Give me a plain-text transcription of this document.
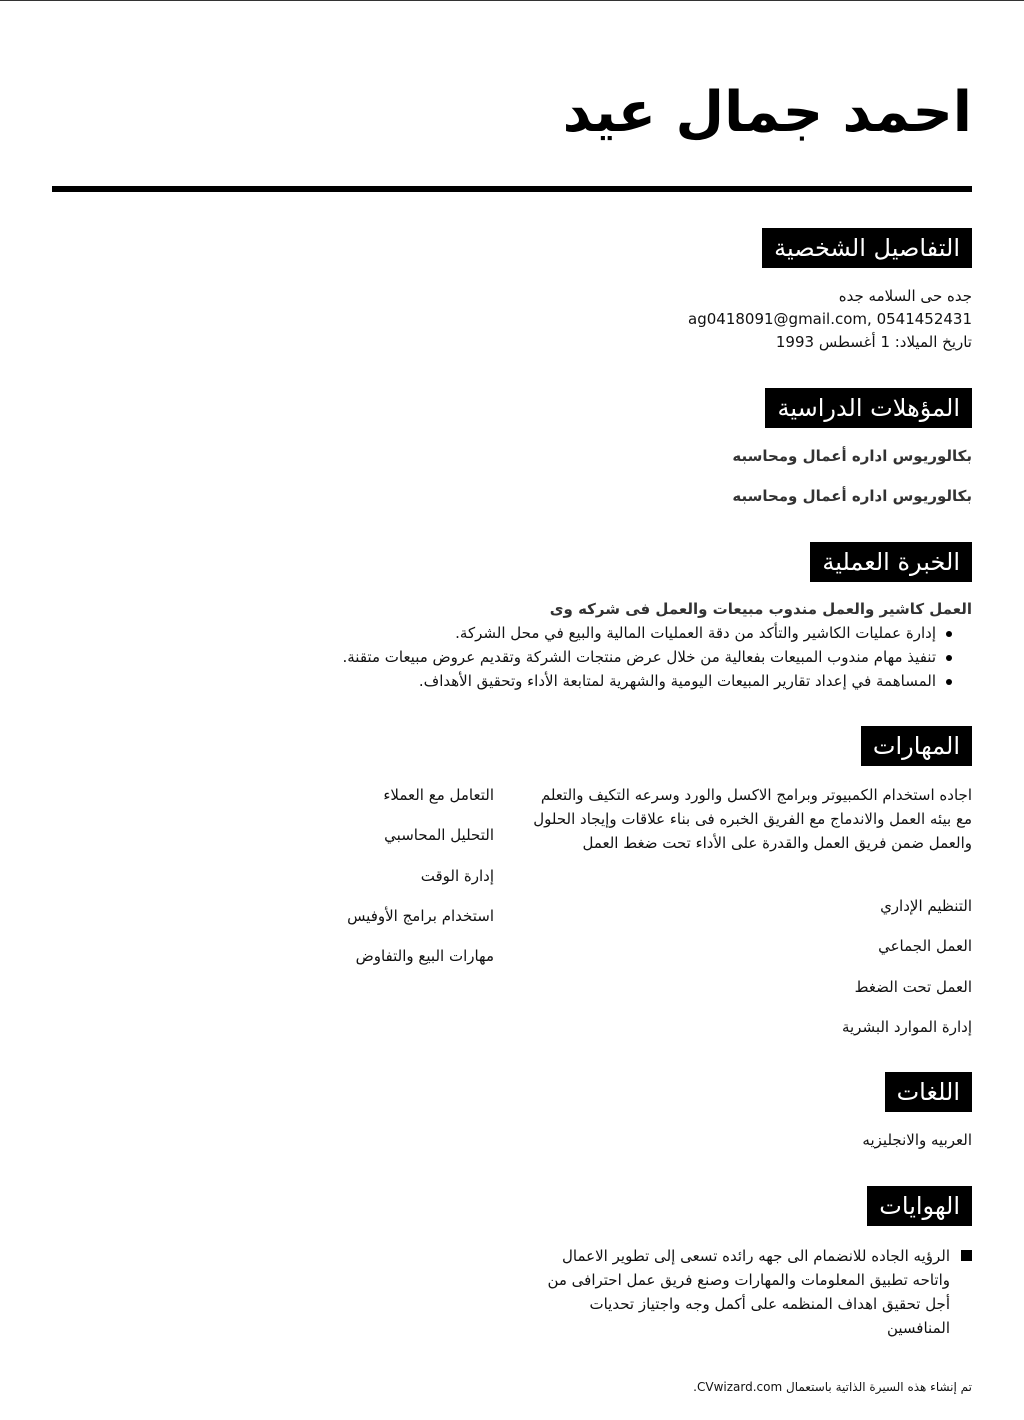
احمد جمال عيد
التفاصيل الشخصية
جده حى السلامه جده
0541452431 ,ag0418091@gmail.com
تاريخ الميلاد: 1 أغسطس 1993
المؤهلات الدراسية
بكالوريوس اداره أعمال ومحاسبه
بكالوريوس اداره أعمال ومحاسبه
الخبرة العملية
العمل كاشير والعمل مندوب مبيعات والعمل فى شركه وى
إدارة عمليات الكاشير والتأكد من دقة العمليات المالية والبيع في محل الشركة.
تنفيذ مهام مندوب المبيعات بفعالية من خلال عرض منتجات الشركة وتقديم عروض مبيعات متقنة.
المساهمة في إعداد تقارير المبيعات اليومية والشهرية لمتابعة الأداء وتحقيق الأهداف.
المهارات
اجاده استخدام الكمبيوتر وبرامج الاكسل والورد وسرعه التكيف والتعلم مع بيئه العمل والاندماج مع الفريق الخبره فى بناء علاقات وإيجاد الحلول والعمل ضمن فريق العمل والقدرة على الأداء تحت ضغط العمل
التنظيم الإداري
العمل الجماعي
العمل تحت الضغط
إدارة الموارد البشرية
التعامل مع العملاء
التحليل المحاسبي
إدارة الوقت
استخدام برامج الأوفيس
مهارات البيع والتفاوض
اللغات
العربيه والانجليزيه
الهوايات
الرؤيه الجاده للانضمام الى جهه رائده تسعى إلى تطوير الاعمال واتاحه تطبيق المعلومات والمهارات وصنع فريق عمل احترافى من أجل تحقيق اهداف المنظمه على أكمل وجه واجتياز تحديات المنافسين
تم إنشاء هذه السيرة الذاتية باستعمال CVwizard.com.
